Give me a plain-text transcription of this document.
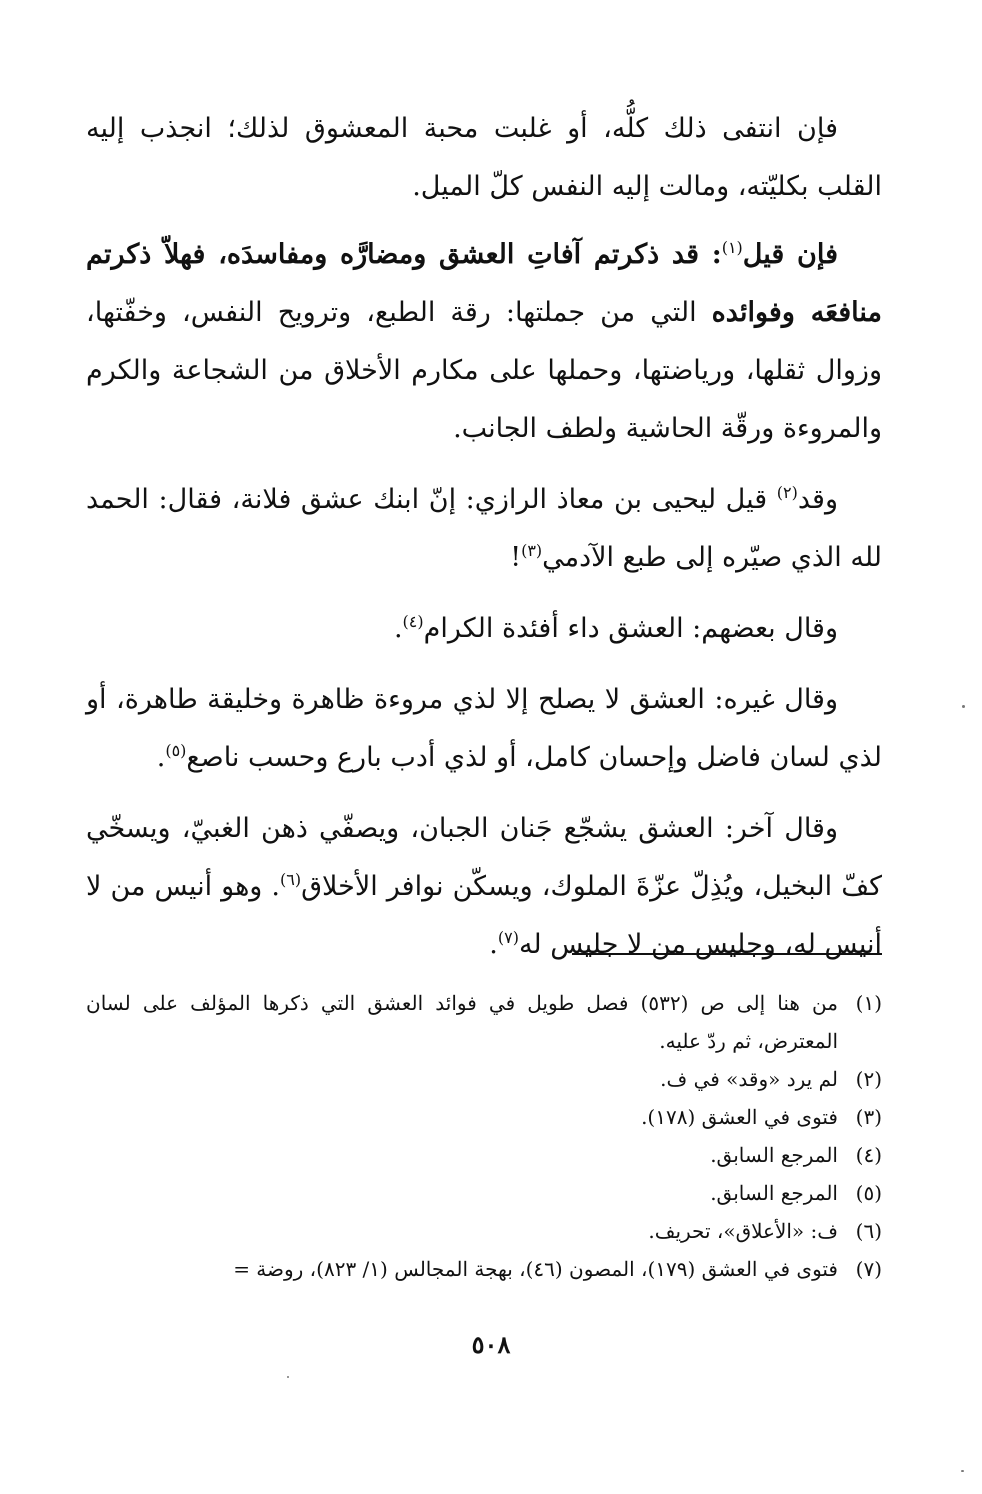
فإن انتفى ذلك كلُّه، أو غلبت محبة المعشوق لذلك؛ انجذب إليه القلب بكليّته، ومالت إليه النفس كلّ الميل.

فإن قيل$^{(١)}$: قد ذكرتم آفاتِ العشق ومضارَّه ومفاسدَه، فهلاّ ذكرتم منافعَه وفوائده التي من جملتها: رقة الطبع، وترويح النفس، وخفّتها، وزوال ثقلها، ورياضتها، وحملها على مكارم الأخلاق من الشجاعة والكرم والمروءة ورقّة الحاشية ولطف الجانب.

وقد$^{(٢)}$ قيل ليحيى بن معاذ الرازي: إنّ ابنك عشق فلانة، فقال: الحمد لله الذي صيّره إلى طبع الآدمي$^{(٣)}$!

وقال بعضهم: العشق داء أفئدة الكرام$^{(٤)}$.

وقال غيره: العشق لا يصلح إلا لذي مروءة ظاهرة وخليقة طاهرة، أو لذي لسان فاضل وإحسان كامل، أو لذي أدب بارع وحسب ناصع$^{(٥)}$.

وقال آخر: العشق يشجّع جَنان الجبان، ويصفّي ذهن الغبيّ، ويسخّي كفّ البخيل، ويُذِلّ عزّةَ الملوك، ويسكّن نوافر الأخلاق$^{(٦)}$. وهو أنيس من لا أنيس له، وجليس من لا جليس له$^{(٧)}$.

(١)
من هنا إلى ص (٥٣٢) فصل طويل في فوائد العشق التي ذكرها المؤلف على لسان المعترض، ثم ردّ عليه.
(٢)
لم يرد «وقد» في ف.
(٣)
فتوى في العشق (١٧٨).
(٤)
المرجع السابق.
(٥)
المرجع السابق.
(٦)
ف: «الأعلاق»، تحريف.
(٧)
فتوى في العشق (١٧٩)، المصون (٤٦)، بهجة المجالس (١/ ٨٢٣)، روضة =
٥٠٨
